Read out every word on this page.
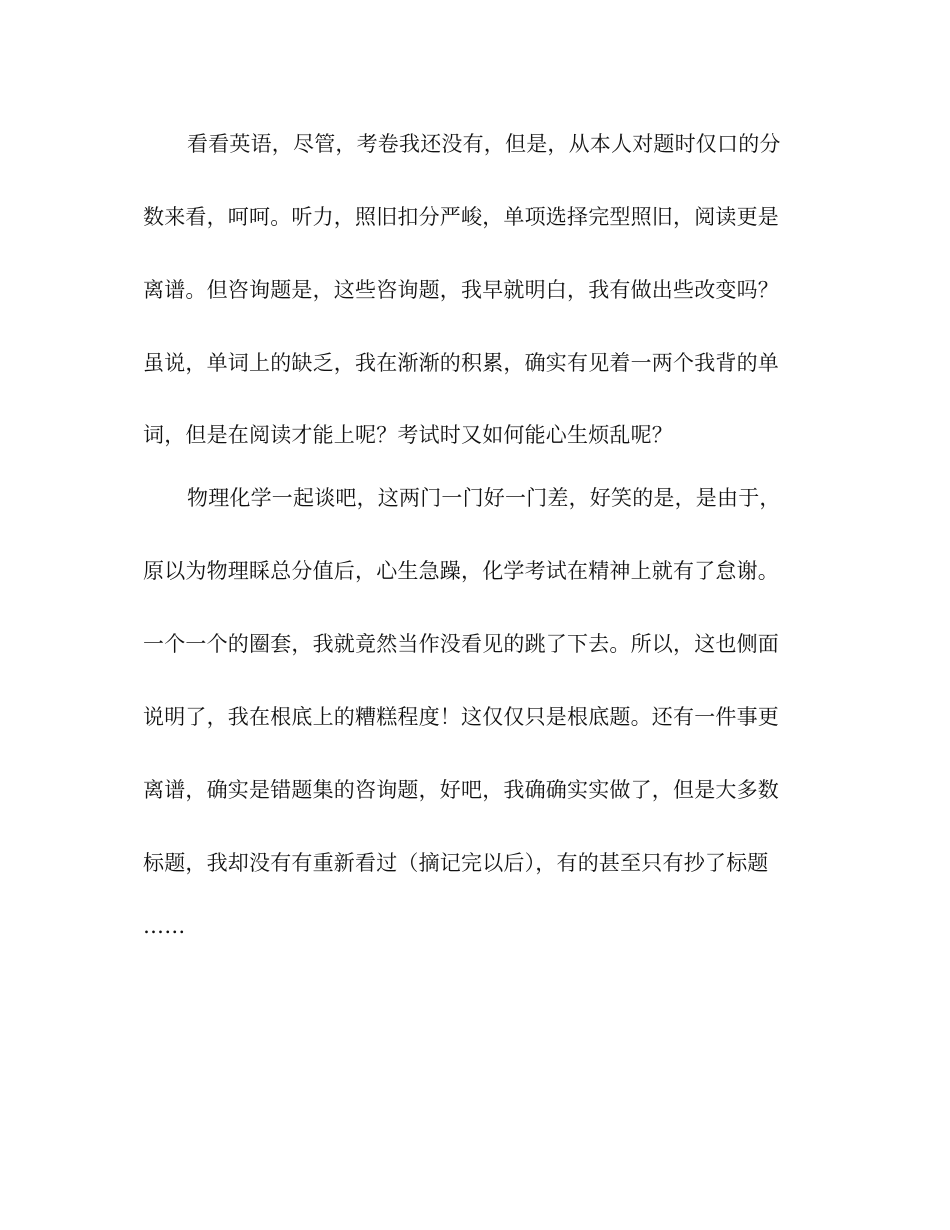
看看英语，尽管，考卷我还没有，但是，从本人对题时仅口的分
数来看，呵呵。听力，照旧扣分严峻，单项选择完型照旧，阅读更是
离谱。但咨询题是，这些咨询题，我早就明白，我有做出些改变吗？
虽说，单词上的缺乏，我在渐渐的积累，确实有见着一两个我背的单
词，但是在阅读才能上呢？考试时又如何能心生烦乱呢？
物理化学一起谈吧，这两门一门好一门差，好笑的是，是由于，
原以为物理睬总分值后，心生急躁，化学考试在精神上就有了怠谢。
一个一个的圈套，我就竟然当作没看见的跳了下去。所以，这也侧面
说明了，我在根底上的糟糕程度！这仅仅只是根底题。还有一件事更
离谱，确实是错题集的咨询题，好吧，我确确实实做了，但是大多数
标题，我却没有有重新看过（摘记完以后），有的甚至只有抄了标题
……
